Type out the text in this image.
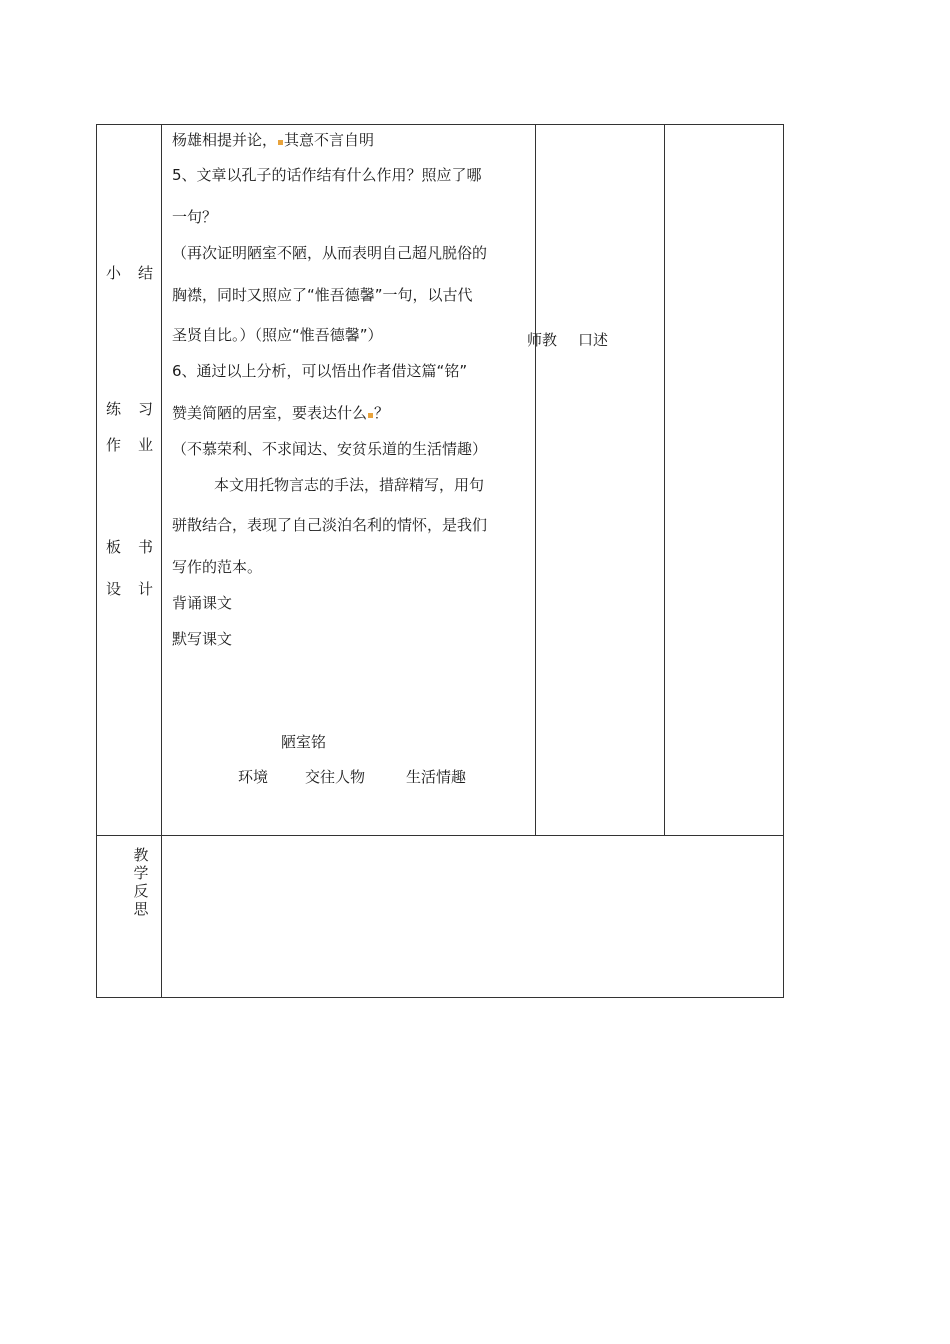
小 结
练 习
作 业
板 书
设 计
教学反思
杨雄相提并论， 其意不言自明
5、文章以孔子的话作结有什么作用？照应了哪
一句？
（再次证明陋室不陋，从而表明自己超凡脱俗的
胸襟，同时又照应了“惟吾德馨”一句，以古代
圣贤自比。）（照应“惟吾德馨”）
6、通过以上分析，可以悟出作者借这篇“铭”
赞美简陋的居室，要表达什么 ？
（不慕荣利、不求闻达、安贫乐道的生活情趣）
本文用托物言志的手法，措辞精写，用句
骈散结合，表现了自己淡泊名利的情怀，是我们
写作的范本。
背诵课文
默写课文
陋室铭
环境 交往人物	生活情趣
师教 口述
